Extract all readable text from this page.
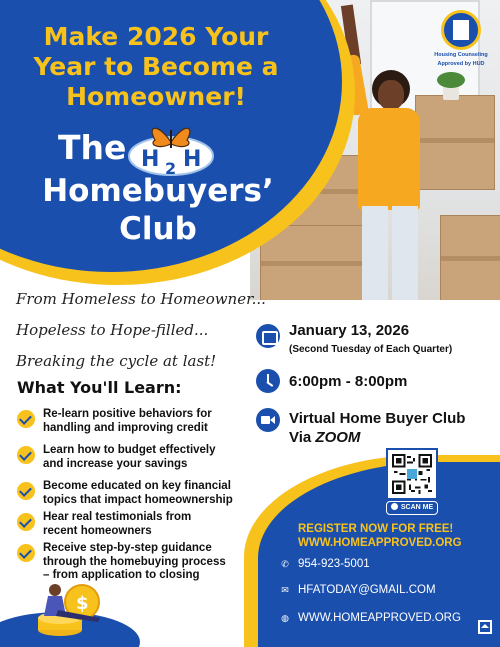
Make 2026 Your
Year to Become a
Homeowner!
The H H
2
Homebuyers’
Club
Housing Counseling
Approved by HUD
From Homeless to Homeowner...
Hopeless to Hope-filled...
Breaking the cycle at last!
What You'll Learn:
Re-learn positive behaviors for
handling and improving credit
Learn how to budget effectively
and increase your savings
Become educated on key financial
topics that impact homeownership
Hear real testimonials from
recent homeowners
Receive step-by-step guidance
through the homebuying process
– from application to closing
January 13, 2026
(Second Tuesday of Each Quarter)
6:00pm - 8:00pm
Virtual Home Buyer Club
Via ZOOM
SCAN ME
REGISTER NOW FOR FREE!
WWW.HOMEAPPROVED.ORG
✆ 954-923-5001
✉ HFATODAY@GMAIL.COM
◍ WWW.HOMEAPPROVED.ORG
$
